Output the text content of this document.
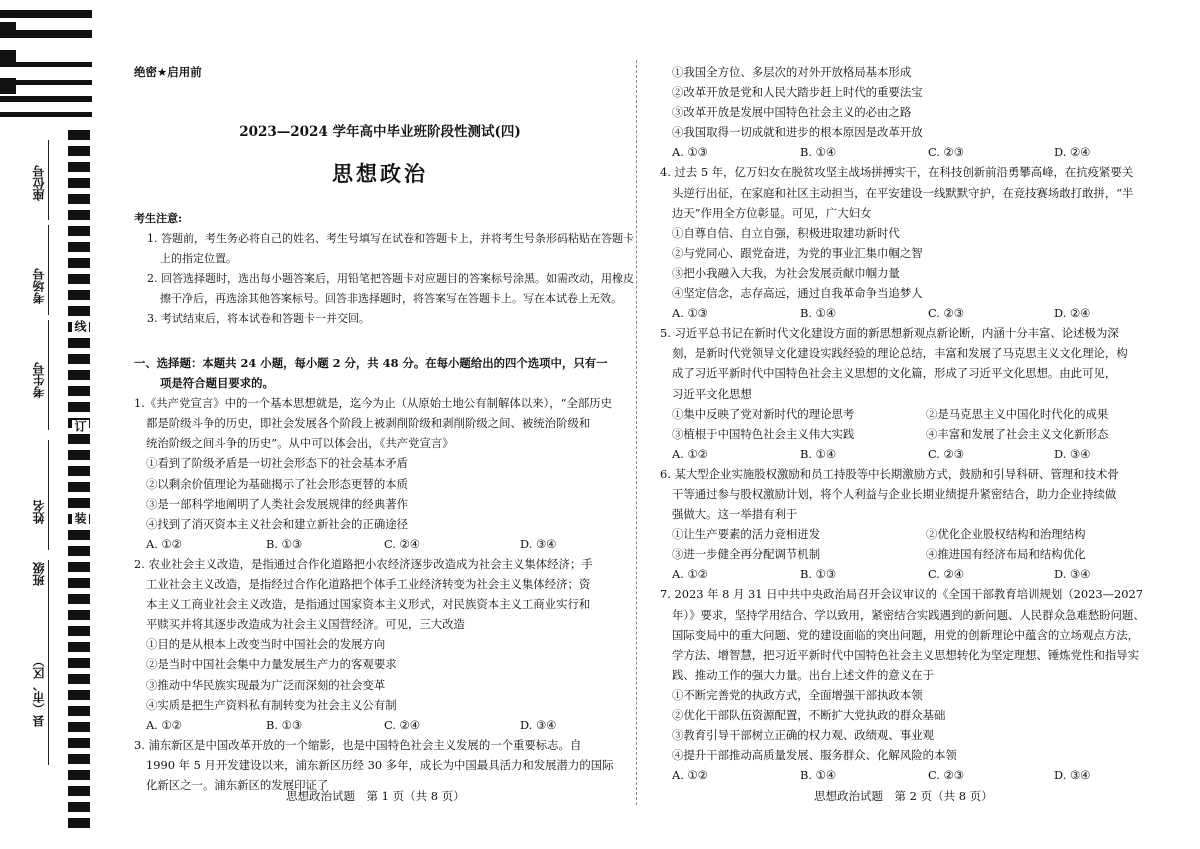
座位号
考场号
考生号
姓名
班级
县（市、区）
线
订
装
绝密★启用前
2023—2024 学年高中毕业班阶段性测试(四)
思想政治
考生注意:
1. 答题前，考生务必将自己的姓名、考生号填写在试卷和答题卡上，并将考生号条形码粘贴在答题卡上的指定位置。
2. 回答选择题时，选出每小题答案后，用铅笔把答题卡对应题目的答案标号涂黑。如需改动，用橡皮擦干净后，再选涂其他答案标号。回答非选择题时，将答案写在答题卡上。写在本试卷上无效。
3. 考试结束后，将本试卷和答题卡一并交回。

一、选择题：本题共 24 小题，每小题 2 分，共 48 分。在每小题给出的四个选项中，只有一项是符合题目要求的。

1.《共产党宣言》中的一个基本思想就是，迄今为止（从原始土地公有制解体以来），“全部历史

都是阶级斗争的历史，即社会发展各个阶段上被剥削阶级和剥削阶级之间、被统治阶级和

统治阶级之间斗争的历史”。从中可以体会出，《共产党宣言》

①看到了阶级矛盾是一切社会形态下的社会基本矛盾

②以剩余价值理论为基础揭示了社会形态更替的本质

③是一部科学地阐明了人类社会发展规律的经典著作

④找到了消灭资本主义社会和建立新社会的正确途径

A. ①②	B. ①③	C. ②④	D. ③④

2. 农业社会主义改造，是指通过合作化道路把小农经济逐步改造成为社会主义集体经济；手

工业社会主义改造，是指经过合作化道路把个体手工业经济转变为社会主义集体经济；资

本主义工商业社会主义改造，是指通过国家资本主义形式，对民族资本主义工商业实行和

平赎买并将其逐步改造成为社会主义国营经济。可见，三大改造

①目的是从根本上改变当时中国社会的发展方向

②是当时中国社会集中力量发展生产力的客观要求

③推动中华民族实现最为广泛而深刻的社会变革

④实质是把生产资料私有制转变为社会主义公有制

A. ①②	B. ①③	C. ②④	D. ③④

3. 浦东新区是中国改革开放的一个缩影，也是中国特色社会主义发展的一个重要标志。自

1990 年 5 月开发建设以来，浦东新区历经 30 多年，成长为中国最具活力和发展潜力的国际

化新区之一。浦东新区的发展印证了

①我国全方位、多层次的对外开放格局基本形成

②改革开放是党和人民大踏步赶上时代的重要法宝

③改革开放是发展中国特色社会主义的必由之路

④我国取得一切成就和进步的根本原因是改革开放

A. ①③	B. ①④	C. ②③	D. ②④

4. 过去 5 年，亿万妇女在脱贫攻坚主战场拼搏实干，在科技创新前沿勇攀高峰，在抗疫紧要关

头逆行出征，在家庭和社区主动担当，在平安建设一线默默守护，在竞技赛场敢打敢拼，“半

边天”作用全方位彰显。可见，广大妇女

①自尊自信、自立自强，积极进取建功新时代

②与党同心、跟党奋进，为党的事业汇集巾帼之智

③把小我融入大我，为社会发展贡献巾帼力量

④坚定信念，志存高远，通过自我革命争当追梦人

A. ①③	B. ①④	C. ②③	D. ②④

5. 习近平总书记在新时代文化建设方面的新思想新观点新论断，内涵十分丰富、论述极为深

刻，是新时代党领导文化建设实践经验的理论总结，丰富和发展了马克思主义文化理论，构

成了习近平新时代中国特色社会主义思想的文化篇，形成了习近平文化思想。由此可见，

习近平文化思想

①集中反映了党对新时代的理论思考	②是马克思主义中国化时代化的成果
③植根于中国特色社会主义伟大实践	④丰富和发展了社会主义文化新形态
A. ①②	B. ①④	C. ②③	D. ③④

6. 某大型企业实施股权激励和员工持股等中长期激励方式，鼓励和引导科研、管理和技术骨

干等通过参与股权激励计划，将个人利益与企业长期业绩提升紧密结合，助力企业持续做

强做大。这一举措有利于

①让生产要素的活力竞相迸发	②优化企业股权结构和治理结构
③进一步健全再分配调节机制	④推进国有经济布局和结构优化
A. ①②	B. ①③	C. ②④	D. ③④

7. 2023 年 8 月 31 日中共中央政治局召开会议审议的《全国干部教育培训规划（2023—2027

年）》要求，坚持学用结合、学以致用，紧密结合实践遇到的新问题、人民群众急难愁盼问题、

国际变局中的重大问题、党的建设面临的突出问题，用党的创新理论中蕴含的立场观点方法，

学方法、增智慧，把习近平新时代中国特色社会主义思想转化为坚定理想、锤炼党性和指导实

践、推动工作的强大力量。出台上述文件的意义在于

①不断完善党的执政方式，全面增强干部执政本领

②优化干部队伍资源配置，不断扩大党执政的群众基础

③教育引导干部树立正确的权力观、政绩观、事业观

④提升干部推动高质量发展、服务群众、化解风险的本领

A. ①②	B. ①④	C. ②③	D. ③④
思想政治试题　第 1 页（共 8 页）	思想政治试题　第 2 页（共 8 页）
